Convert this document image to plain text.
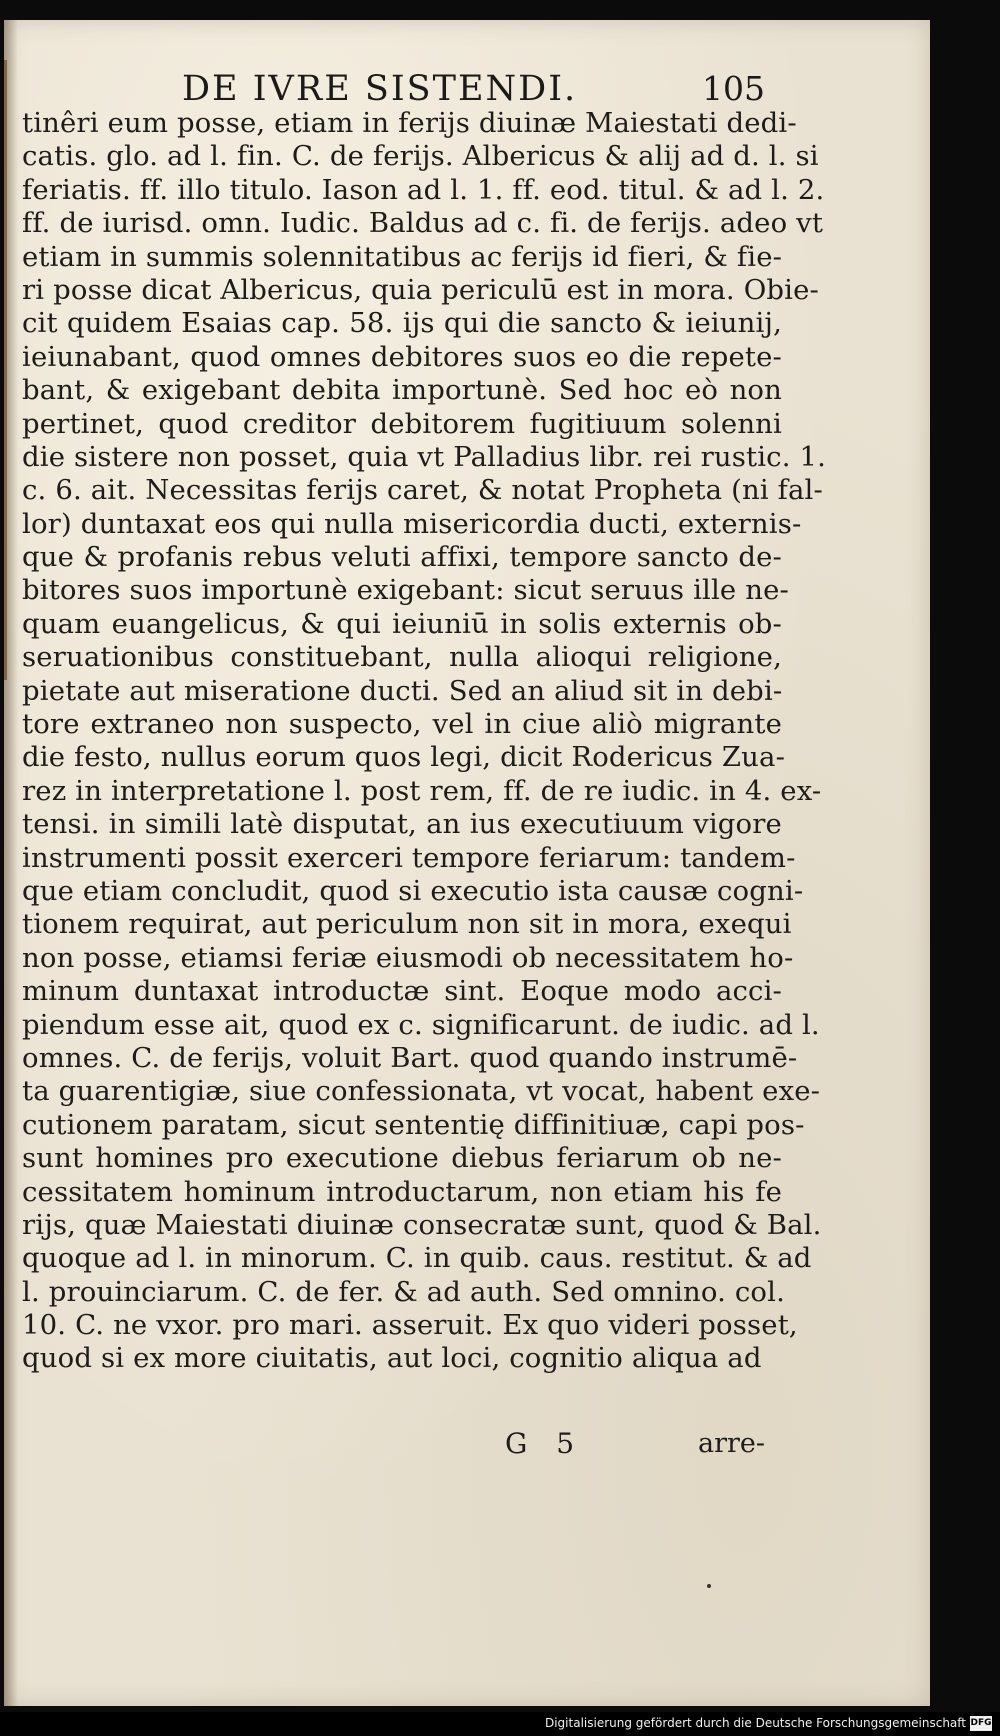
DE IVRE SISTENDI.	105
tinêri eum posse, etiam in ferijs diuinæ Maiestati dedi-
catis. glo. ad l. fin. C. de ferijs. Albericus & alij ad d. l. si
feriatis. ff. illo titulo. Iason ad l. 1. ff. eod. titul. & ad l. 2.
ff. de iurisd. omn. Iudic. Baldus ad c. fi. de ferijs. adeo vt
etiam in summis solennitatibus ac ferijs id fieri, & fie-
ri posse dicat Albericus, quia periculū est in mora. Obie-
cit quidem Esaias cap. 58. ijs qui die sancto & ieiunij,
ieiunabant, quod omnes debitores suos eo die repete-
bant, & exigebant debita importunè. Sed hoc eò non
pertinet, quod creditor debitorem fugitiuum solenni
die sistere non posset, quia vt Palladius libr. rei rustic. 1.
c. 6. ait. Necessitas ferijs caret, & notat Propheta (ni fal-
lor) duntaxat eos qui nulla misericordia ducti, externis-
que & profanis rebus veluti affixi, tempore sancto de-
bitores suos importunè exigebant: sicut seruus ille ne-
quam euangelicus, & qui ieiuniū in solis externis ob-
seruationibus constituebant, nulla alioqui religione,
pietate aut miseratione ducti. Sed an aliud sit in debi-
tore extraneo non suspecto, vel in ciue aliò migrante
die festo, nullus eorum quos legi, dicit Rodericus Zua-
rez in interpretatione l. post rem, ff. de re iudic. in 4. ex-
tensi. in simili latè disputat, an ius executiuum vigore
instrumenti possit exerceri tempore feriarum: tandem-
que etiam concludit, quod si executio ista causæ cogni-
tionem requirat, aut periculum non sit in mora, exequi
non posse, etiamsi feriæ eiusmodi ob necessitatem ho-
minum duntaxat introductæ sint. Eoque modo acci-
piendum esse ait, quod ex c. significarunt. de iudic. ad l.
omnes. C. de ferijs, voluit Bart. quod quando instrumē-
ta guarentigiæ, siue confessionata, vt vocat, habent exe-
cutionem paratam, sicut sententię diffinitiuæ, capi pos-
sunt homines pro executione diebus feriarum ob ne-
cessitatem hominum introductarum, non etiam his fe
rijs, quæ Maiestati diuinæ consecratæ sunt, quod & Bal.
quoque ad l. in minorum. C. in quib. caus. restitut. & ad
l. prouinciarum. C. de fer. & ad auth. Sed omnino. col.
10. C. ne vxor. pro mari. asseruit. Ex quo videri posset,
quod si ex more ciuitatis, aut loci, cognitio aliqua ad
G 5	arre-
Digitalisierung gefördert durch die Deutsche Forschungsgemeinschaft DFG
